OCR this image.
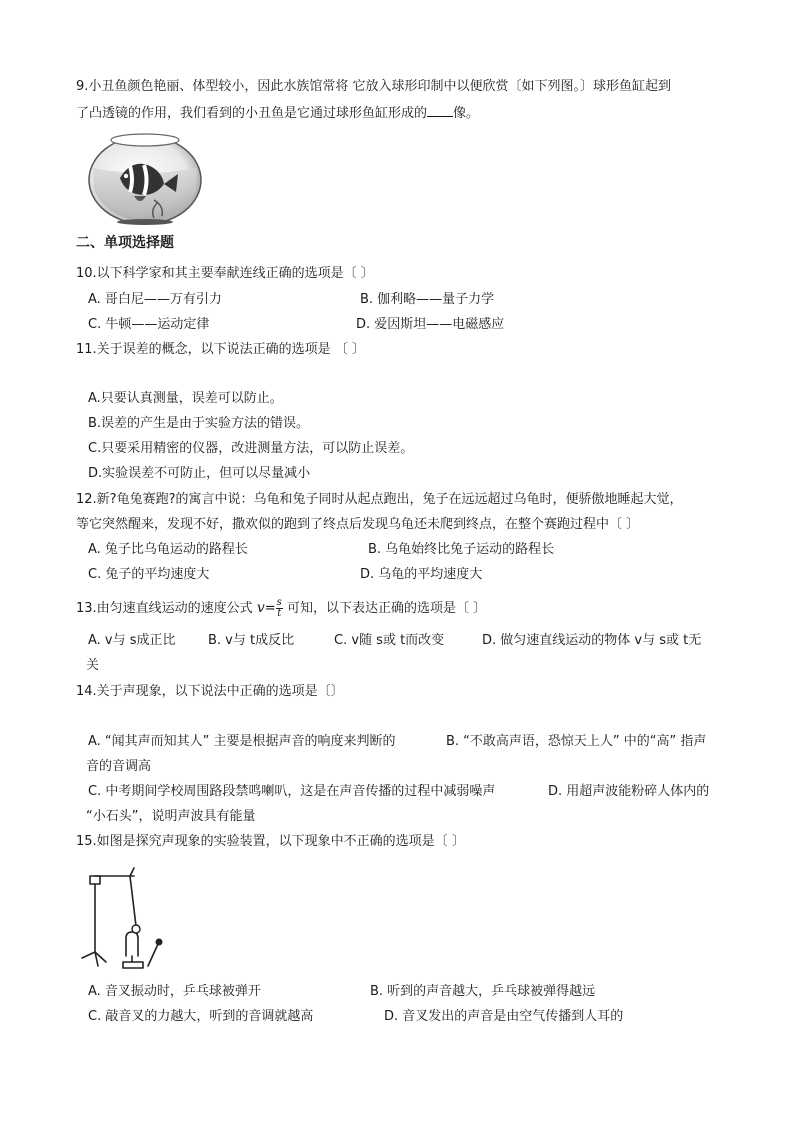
9.小丑鱼颜色艳丽、体型较小，因此水族馆常将 它放入球形印制中以便欣赏〔如下列图。〕球形鱼缸起到
了凸透镜的作用，我们看到的小丑鱼是它通过球形鱼缸形成的 像。
二、单项选择题
10.以下科学家和其主要奉献连线正确的选项是〔 〕
A. 哥白尼——万有引力	B. 伽利略——量子力学
C. 牛顿——运动定律	D. 爱因斯坦——电磁感应
11.关于误差的概念，以下说法正确的选项是 〔 〕
A.只要认真测量，误差可以防止。
B.误差的产生是由于实验方法的错误。
C.只要采用精密的仪器，改进测量方法，可以防止误差。
D.实验误差不可防止，但可以尽量减小
12.新?龟兔赛跑?的寓言中说：乌龟和兔子同时从起点跑出，兔子在远远超过乌龟时，便骄傲地睡起大觉，
等它突然醒来，发现不好，撒欢似的跑到了终点后发现乌龟还未爬到终点，在整个赛跑过程中〔 〕
A. 兔子比乌龟运动的路程长	B. 乌龟始终比兔子运动的路程长
C. 兔子的平均速度大	D. 乌龟的平均速度大
13.由匀速直线运动的速度公式 $v= \frac{s}{t}$ 可知，以下表达正确的选项是〔 〕
A. v与 s成正比 B. v与 t成反比	C. v随 s或 t而改变	D. 做匀速直线运动的物体 v与 s或 t无
关
14.关于声现象，以下说法中正确的选项是〔〕
A. “闻其声而知其人” 主要是根据声音的响度来判断的	B. “不敢高声语，恐惊天上人” 中的“高” 指声
音的音调高
C. 中考期间学校周围路段禁鸣喇叭，这是在声音传播的过程中减弱噪声	D. 用超声波能粉碎人体内的
“小石头”，说明声波具有能量
15.如图是探究声现象的实验装置，以下现象中不正确的选项是〔 〕
A. 音叉振动时，乒乓球被弹开	B. 听到的声音越大，乒乓球被弹得越远
C. 敲音叉的力越大，听到的音调就越高	D. 音叉发出的声音是由空气传播到人耳的
